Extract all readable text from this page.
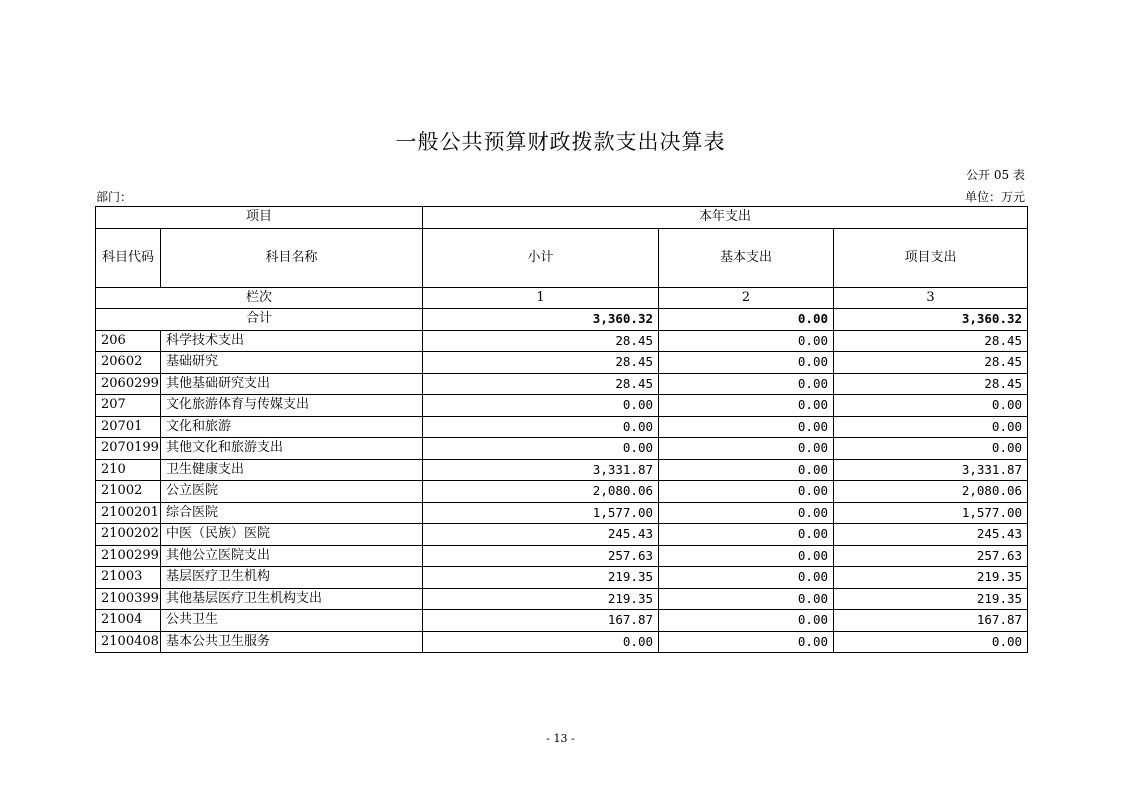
一般公共预算财政拨款支出决算表
公开 05 表
部门：	单位：万元
项目		本年支出		
科目代码	科目名称	小计	基本支出	项目支出
栏次		1	2	3
合计		3,360.32	0.00	3,360.32
206	科学技术支出	28.45	0.00	28.45
20602	基础研究	28.45	0.00	28.45
2060299	其他基础研究支出	28.45	0.00	28.45
207	文化旅游体育与传媒支出	0.00	0.00	0.00
20701	文化和旅游	0.00	0.00	0.00
2070199	其他文化和旅游支出	0.00	0.00	0.00
210	卫生健康支出	3,331.87	0.00	3,331.87
21002	公立医院	2,080.06	0.00	2,080.06
2100201	综合医院	1,577.00	0.00	1,577.00
2100202	中医（民族）医院	245.43	0.00	245.43
2100299	其他公立医院支出	257.63	0.00	257.63
21003	基层医疗卫生机构	219.35	0.00	219.35
2100399	其他基层医疗卫生机构支出	219.35	0.00	219.35
21004	公共卫生	167.87	0.00	167.87
2100408	基本公共卫生服务	0.00	0.00	0.00
- 13 -
